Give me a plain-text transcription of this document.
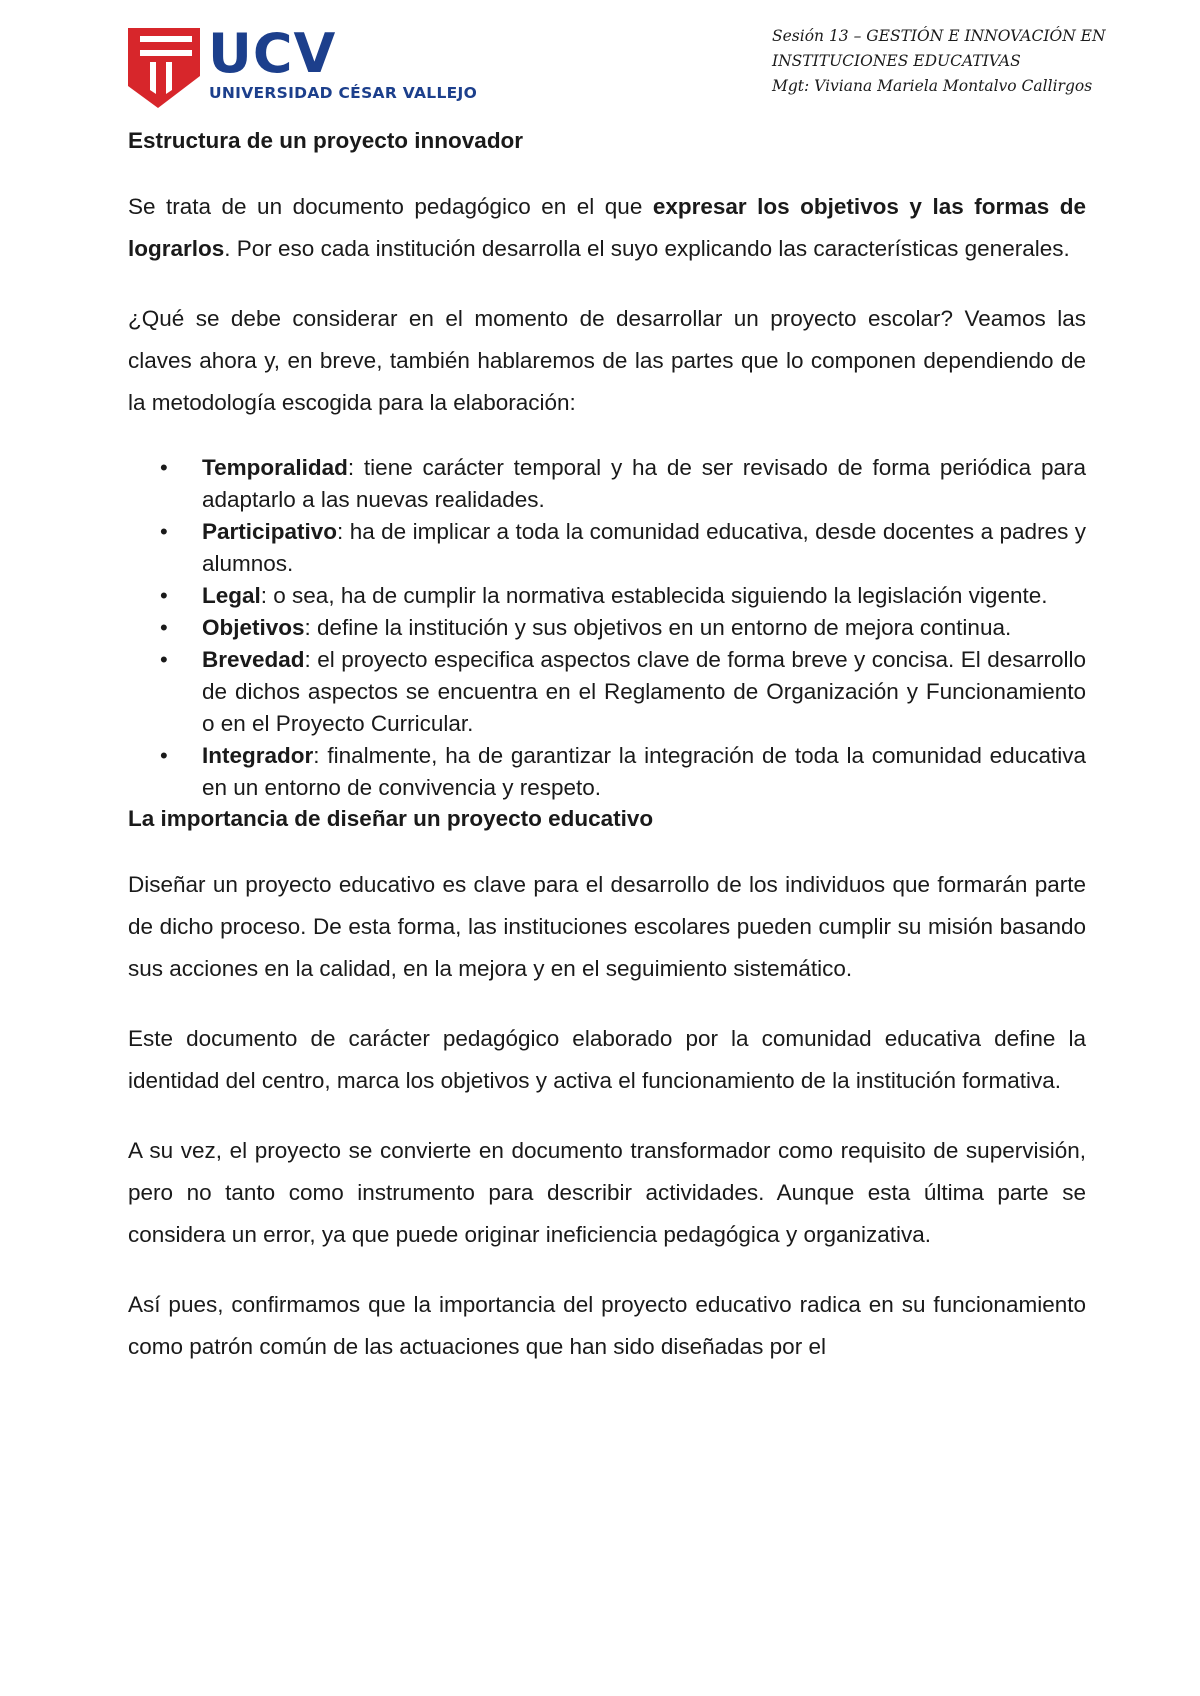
UCV
UNIVERSIDAD CÉSAR VALLEJO
Sesión 13 – GESTIÓN E INNOVACIÓN EN
INSTITUCIONES EDUCATIVAS
Mgt: Viviana Mariela Montalvo Callirgos
Estructura de un proyecto innovador

Se trata de un documento pedagógico en el que expresar los objetivos y las formas de lograrlos. Por eso cada institución desarrolla el suyo explicando las características generales.

¿Qué se debe considerar en el momento de desarrollar un proyecto escolar? Veamos las claves ahora y, en breve, también hablaremos de las partes que lo componen dependiendo de la metodología escogida para la elaboración:

• Temporalidad: tiene carácter temporal y ha de ser revisado de forma periódica para adaptarlo a las nuevas realidades.
• Participativo: ha de implicar a toda la comunidad educativa, desde docentes a padres y alumnos.
• Legal: o sea, ha de cumplir la normativa establecida siguiendo la legislación vigente.
• Objetivos: define la institución y sus objetivos en un entorno de mejora continua.
• Brevedad: el proyecto especifica aspectos clave de forma breve y concisa. El desarrollo de dichos aspectos se encuentra en el Reglamento de Organización y Funcionamiento o en el Proyecto Curricular.
• Integrador: finalmente, ha de garantizar la integración de toda la comunidad educativa en un entorno de convivencia y respeto.
La importancia de diseñar un proyecto educativo

Diseñar un proyecto educativo es clave para el desarrollo de los individuos que formarán parte de dicho proceso. De esta forma, las instituciones escolares pueden cumplir su misión basando sus acciones en la calidad, en la mejora y en el seguimiento sistemático.

Este documento de carácter pedagógico elaborado por la comunidad educativa define la identidad del centro, marca los objetivos y activa el funcionamiento de la institución formativa.

A su vez, el proyecto se convierte en documento transformador como requisito de supervisión, pero no tanto como instrumento para describir actividades. Aunque esta última parte se considera un error, ya que puede originar ineficiencia pedagógica y organizativa.

Así pues, confirmamos que la importancia del proyecto educativo radica en su funcionamiento como patrón común de las actuaciones que han sido diseñadas por el
